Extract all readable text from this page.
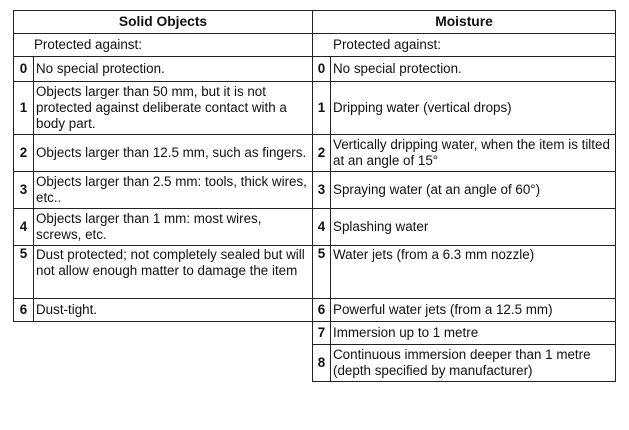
Solid Objects		Moisture	
Protected against:		Protected against:	
0	No special protection.	0	No special protection.
1	Objects larger than 50 mm, but it is not protected against deliberate contact with a body part.	1	Dripping water (vertical drops)
2	Objects larger than 12.5 mm, such as fingers.	2	Vertically dripping water, when the item is tilted at an angle of 15°
3	Objects larger than 2.5 mm: tools, thick wires, etc..	3	Spraying water (at an angle of 60°)
4	Objects larger than 1 mm: most wires, screws, etc.	4	Splashing water
5	Dust protected; not completely sealed but will not allow enough matter to damage the item	5	Water jets (from a 6.3 mm nozzle)
6	Dust-tight.	6	Powerful water jets (from a 12.5 mm)
		7	Immersion up to 1 metre
		8	Continuous immersion deeper than 1 metre (depth specified by manufacturer)
